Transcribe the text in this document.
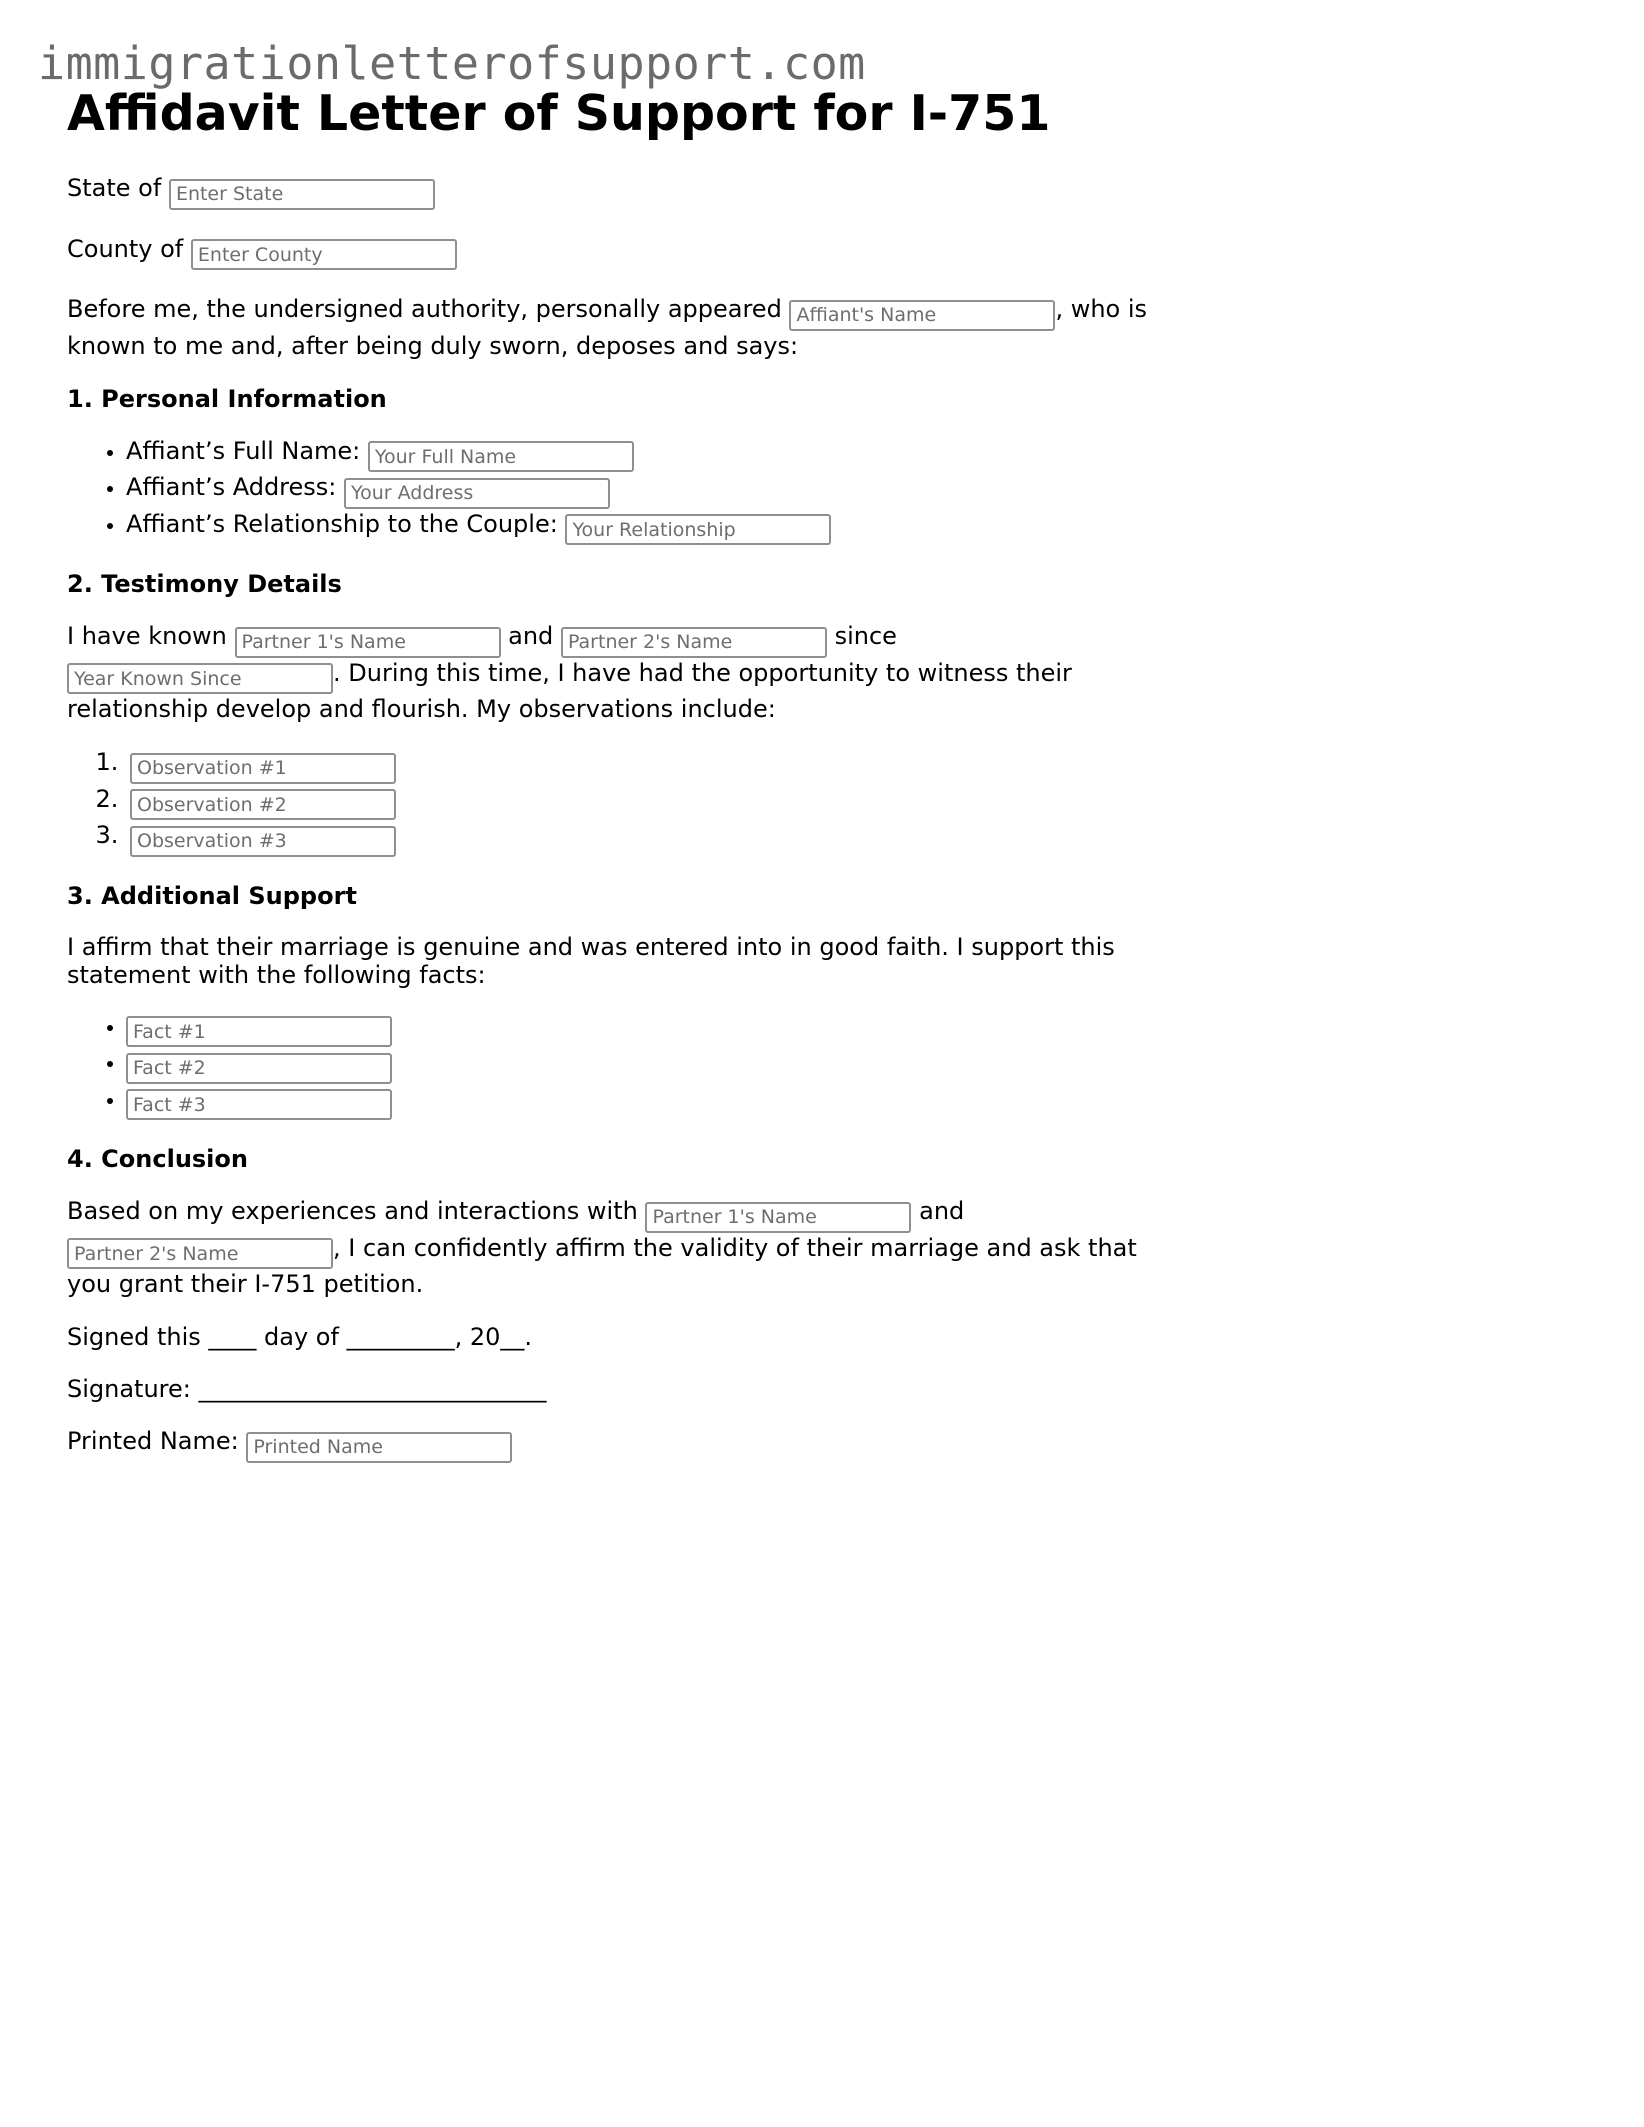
immigrationletterofsupport.com
Affidavit Letter of Support for I-751

State of Enter State

County of Enter County

Before me, the undersigned authority, personally appeared Affiant's Name	, who is known to me and, after being duly sworn, deposes and says:

1. Personal Information
• Affiant’s Full Name: Your Full Name
• Affiant’s Address: Your Address
• Affiant’s Relationship to the Couple: Your Relationship
2. Testimony Details

I have known Partner 1's Name	and Partner 2's Name	since Year Known Since. During this time, I have had the opportunity to witness their relationship develop and flourish. My observations include:

1. Observation #1
2. Observation #2
3. Observation #3
3. Additional Support

I affirm that their marriage is genuine and was entered into in good faith. I support this statement with the following facts:

• Fact #1
• Fact #2
• Fact #3
4. Conclusion

Based on my experiences and interactions with Partner 1's Name	and Partner 2's Name, I can confidently affirm the validity of their marriage and ask that you grant their I-751 petition.

Signed this ____ day of _________, 20__.

Signature: _____________________________

Printed Name: Printed Name
